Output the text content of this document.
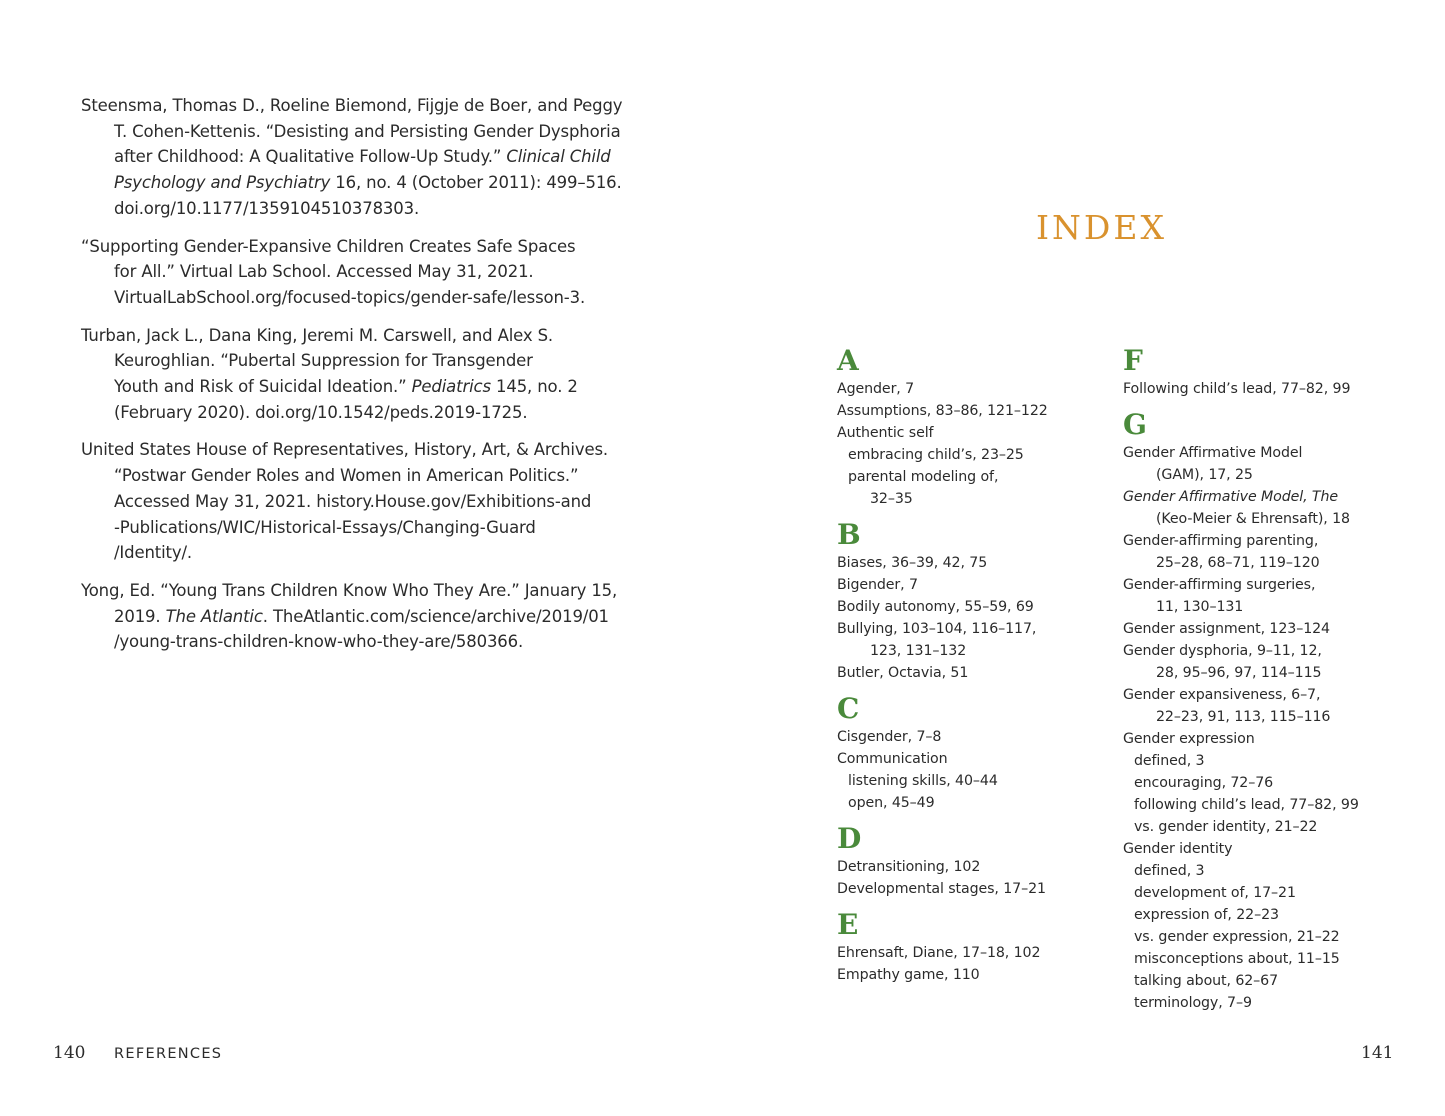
Steensma, Thomas D., Roeline Biemond, Fijgje de Boer, and Peggy
T. Cohen-Kettenis. “Desisting and Persisting Gender Dysphoria
after Childhood: A Qualitative Follow-Up Study.” Clinical Child
Psychology and Psychiatry 16, no. 4 (October 2011): 499–516.
doi.org/10.1177/1359104510378303.
“Supporting Gender-Expansive Children Creates Safe Spaces
for All.” Virtual Lab School. Accessed May 31, 2021.
VirtualLabSchool.org/focused-topics/gender-safe/lesson-3.
Turban, Jack L., Dana King, Jeremi M. Carswell, and Alex S.
Keuroghlian. “Pubertal Suppression for Transgender
Youth and Risk of Suicidal Ideation.” Pediatrics 145, no. 2
(February 2020). doi.org/10.1542/peds.2019-1725.
United States House of Representatives, History, Art, & Archives.
“Postwar Gender Roles and Women in American Politics.”
Accessed May 31, 2021. history.House.gov/Exhibitions-and
-Publications/WIC/Historical-Essays/Changing-Guard
/Identity/.
Yong, Ed. “Young Trans Children Know Who They Are.” January 15,
2019. The Atlantic. TheAtlantic.com/science/archive/2019/01
/young-trans-children-know-who-they-are/580366.
140 REFERENCES
INDEX
A
Agender, 7
Assumptions, 83–86, 121–122
Authentic self
embracing child’s, 23–25
parental modeling of,
32–35
B
Biases, 36–39, 42, 75
Bigender, 7
Bodily autonomy, 55–59, 69
Bullying, 103–104, 116–117,
123, 131–132
Butler, Octavia, 51
C
Cisgender, 7–8
Communication
listening skills, 40–44
open, 45–49
D
Detransitioning, 102
Developmental stages, 17–21
E
Ehrensaft, Diane, 17–18, 102
Empathy game, 110
F
Following child’s lead, 77–82, 99
G
Gender Affirmative Model
(GAM), 17, 25
Gender Affirmative Model, The
(Keo-Meier & Ehrensaft), 18
Gender-affirming parenting,
25–28, 68–71, 119–120
Gender-affirming surgeries,
11, 130–131
Gender assignment, 123–124
Gender dysphoria, 9–11, 12,
28, 95–96, 97, 114–115
Gender expansiveness, 6–7,
22–23, 91, 113, 115–116
Gender expression
defined, 3
encouraging, 72–76
following child’s lead, 77–82, 99
vs. gender identity, 21–22
Gender identity
defined, 3
development of, 17–21
expression of, 22–23
vs. gender expression, 21–22
misconceptions about, 11–15
talking about, 62–67
terminology, 7–9
141
